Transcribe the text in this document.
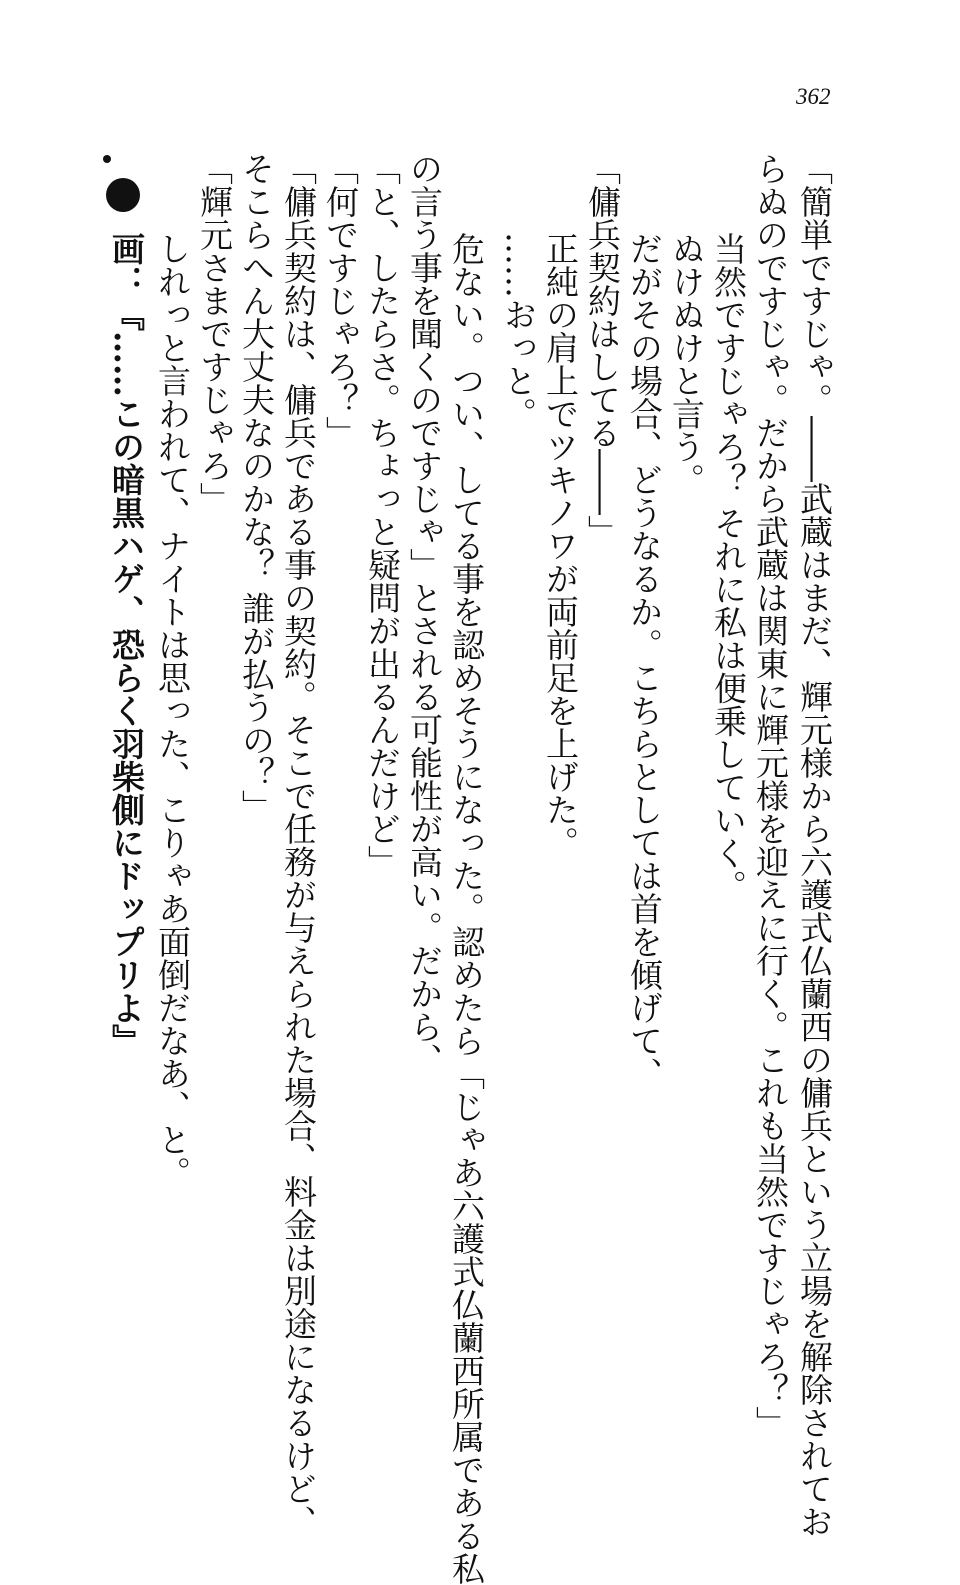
362
「簡単ですじゃ。――武蔵はまだ、輝元様から六護式仏蘭西の傭兵という立場を解除されてお
らぬのですじゃ。だから武蔵は関東に輝元様を迎えに行く。これも当然ですじゃろ？」
当然ですじゃろ？ それに私は便乗していく。
ぬけぬけと言う。
だがその場合、どうなるか。こちらとしては首を傾げて、
「傭兵契約はしてる――」
正純の肩上でツキノワが両前足を上げた。
……おっと。
危ない。つい、してる事を認めそうになった。認めたら「じゃあ六護式仏蘭西所属である私
の言う事を聞くのですじゃ」とされる可能性が高い。だから、
「と、したらさ。ちょっと疑問が出るんだけど」
「何ですじゃろ？」
「傭兵契約は、傭兵である事の契約。そこで任務が与えられた場合、料金は別途になるけど、
そこらへん大丈夫なのかな？ 誰が払うの？」
「輝元さまですじゃろ」
しれっと言われて、ナイトは思った、こりゃあ面倒だなあ、と。
画：『……この暗黒ハゲ、恐らく羽柴側にドップリよ』
